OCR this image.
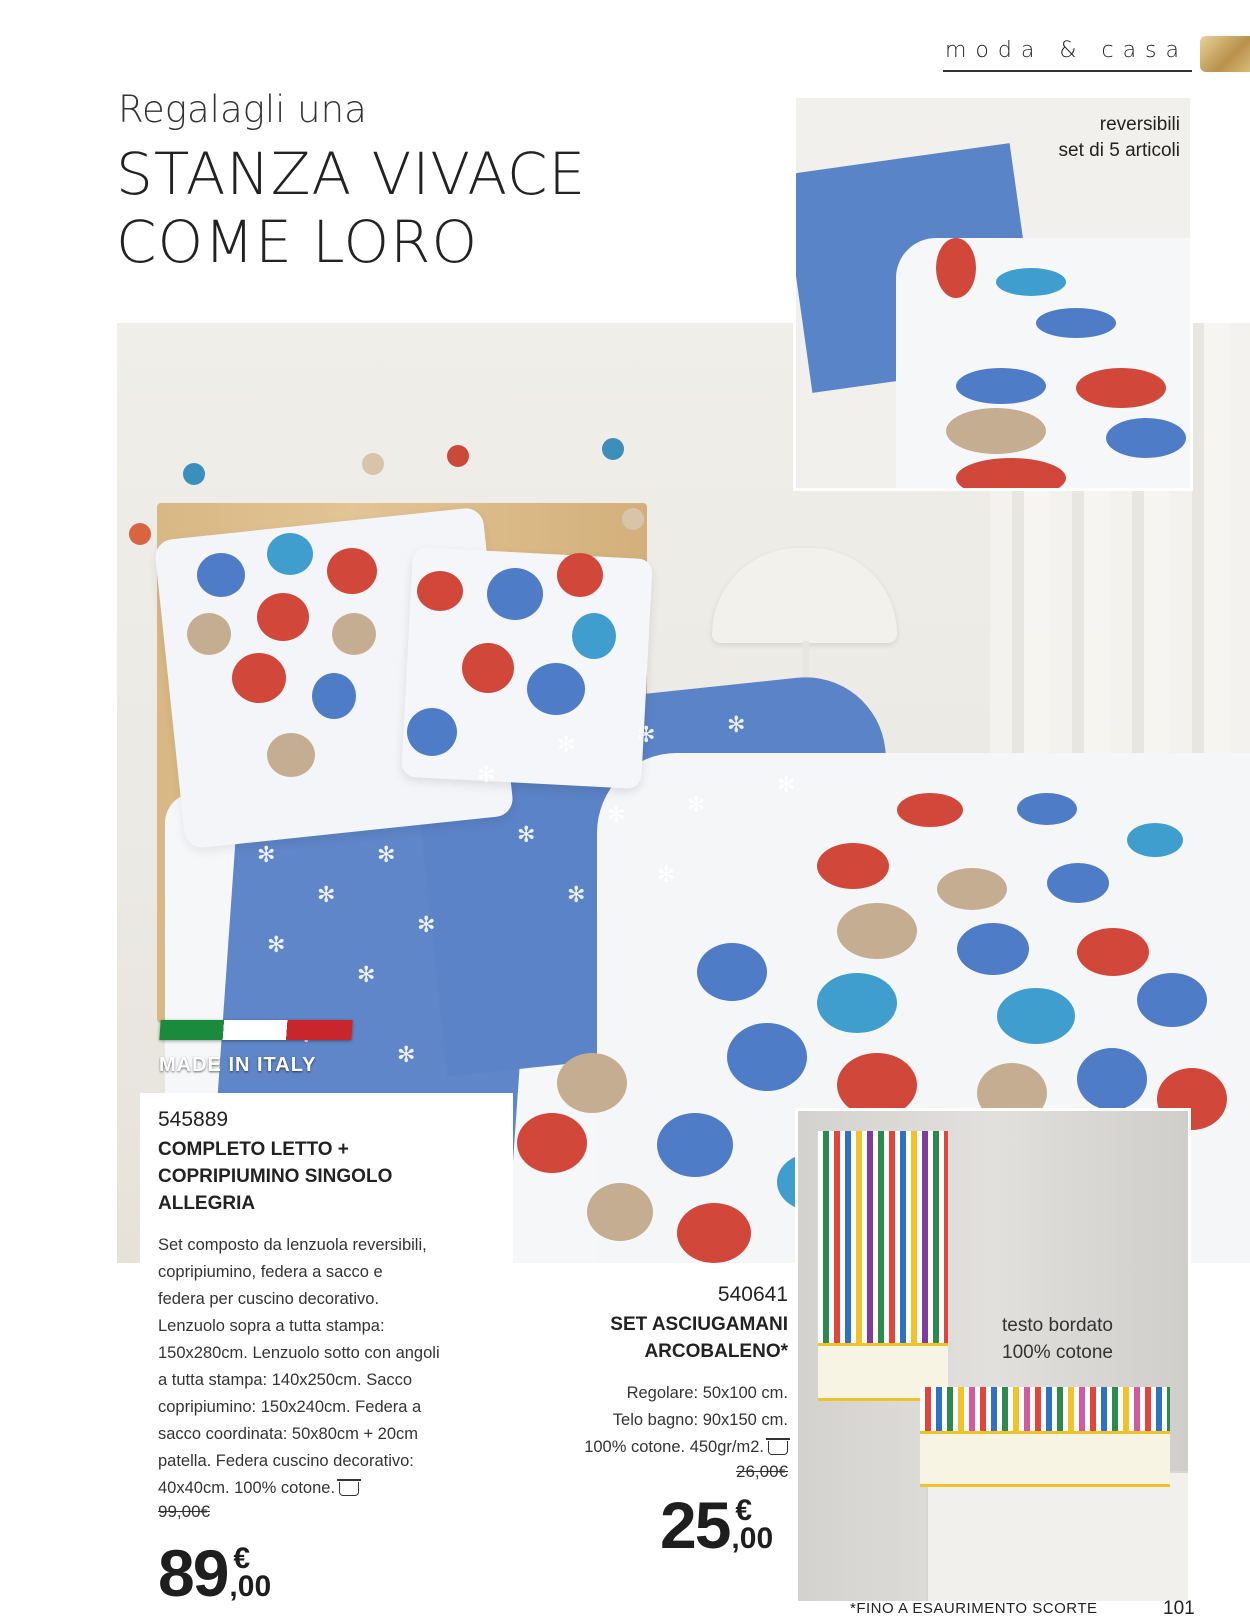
moda & casa
Regalagli una
STANZA VIVACE
COME LORO
✻
✻
✻
✻
✻
✻
✻
✻
✻	✻	✻
✻
✻	✻
✻
✻
✻
reversibili
set di 5 articoli
MADE IN ITALY
545889
COMPLETO LETTO +
COPRIPIUMINO SINGOLO
ALLEGRIA
Set composto da lenzuola reversibili,
copripiumino, federa a sacco e
federa per cuscino decorativo.
Lenzuolo sopra a tutta stampa:
150x280cm. Lenzuolo sotto con angoli
a tutta stampa: 140x250cm. Sacco
copripiumino: 150x240cm. Federa a
sacco coordinata: 50x80cm + 20cm
patella. Federa cuscino decorativo:
40x40cm. 100% cotone.
99,00€
89 €
,00
testo bordato
100% cotone
540641
SET ASCIUGAMANI
ARCOBALENO*
Regolare: 50x100 cm.
Telo bagno: 90x150 cm.
100% cotone. 450gr/m2.
26,00€
25 €
,00
*FINO A ESAURIMENTO SCORTE	101
